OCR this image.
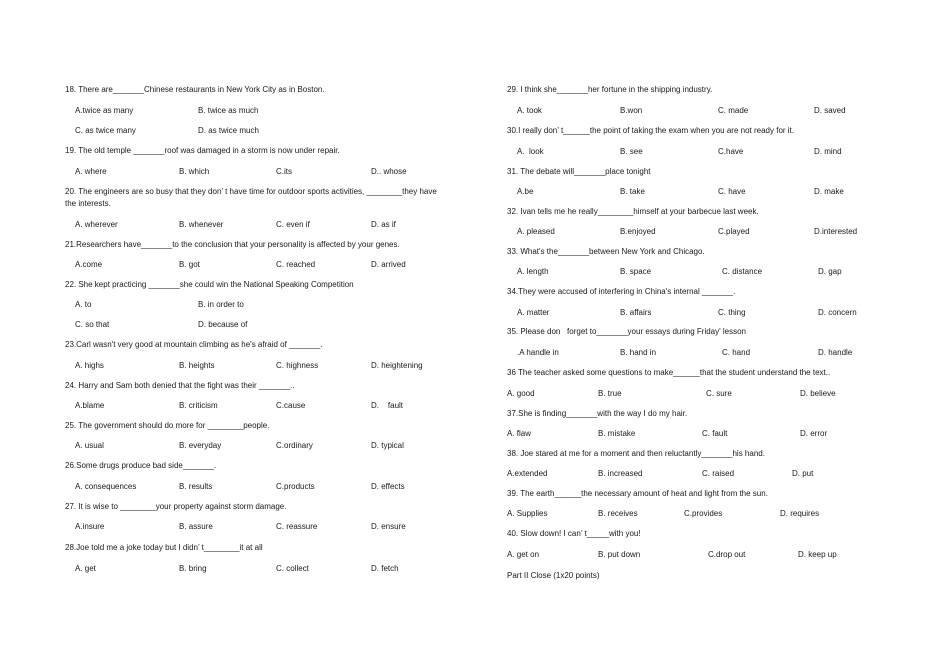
18. There are_______Chinese restaurants in New York City as in Boston.
A.twice as many	B. twice as much
C. as twice many	D. as twice much
19. The old temple _______roof was damaged in a storm is now under repair.
A. where	B. which	C.its	D.. whose
20. The engineers are so busy that they don’ t have time for outdoor sports activities, ________they have
the interests.
A. wherever	B. whenever	C. even if	D. as if
21.Researchers have_______to the conclusion that your personality is affected by your genes.
A.come	B. got	C. reached	D. arrived
22. She kept practicing _______she could win the National Speaking Competition
A. to	B. in order to
C. so that	D. because of
23.Carl wasn't very good at mountain climbing as he's afraid of _______.
A. highs	B. heights	C. highness	D. heightening
24. Harry and Sam both denied that the fight was their _______..
A.blame	B. criticism	C.cause	D.    fault
25. The government should do more for ________people.
A. usual	B. everyday	C.ordinary	D. typical
26.Some drugs produce bad side_______.
A. consequences	B. results	C.products	D. effects
27. It is wise to ________your property against storm damage.
A.insure	B. assure	C. reassure	D. ensure
28.Joe told me a joke today but I didn’ t________it at all
A. get	B. bring	C. collect	D. fetch
29. I think she_______her fortune in the shipping industry.
A. took	B.won	C. made	D. saved
30.I really don’ t______the point of taking the exam when you are not ready for it.
A.  look	B. see	C.have	D. mind
31. The debate will_______place tonight
A.be	B. take	C. have	D. make
32. Ivan tells me he really________himself at your barbecue last week.
A. pleased	B.enjoyed	C.played	D.interested
33. What's the_______between New York and Chicago.
A. length	B. space	C. distance	D. gap
34.They were accused of interfering in China's internal _______.
A. matter	B. affairs	C. thing	D. concern
35. Please don   forget to_______your essays during Friday' lesson
.A handle in	B. hand in	C. hand	D. handle
36 The teacher asked some questions to make______that the student understand the text..
A. good	B. true	C. sure	D. believe
37.She is finding_______with the way I do my hair.
A. flaw	B. mistake	C. fault	D. error
38. Joe stared at me for a moment and then reluctantly_______his hand.
A.extended	B. increased	C. raised	D. put
39. The earth______the necessary amount of heat and light from the sun.
A. Supplies	B. receives	C.provides	D. requires
40. Slow down! I can’ t_____with you!
A. get on	B. put down	C.drop out	D. keep up
Part II Close (1x20 points)
